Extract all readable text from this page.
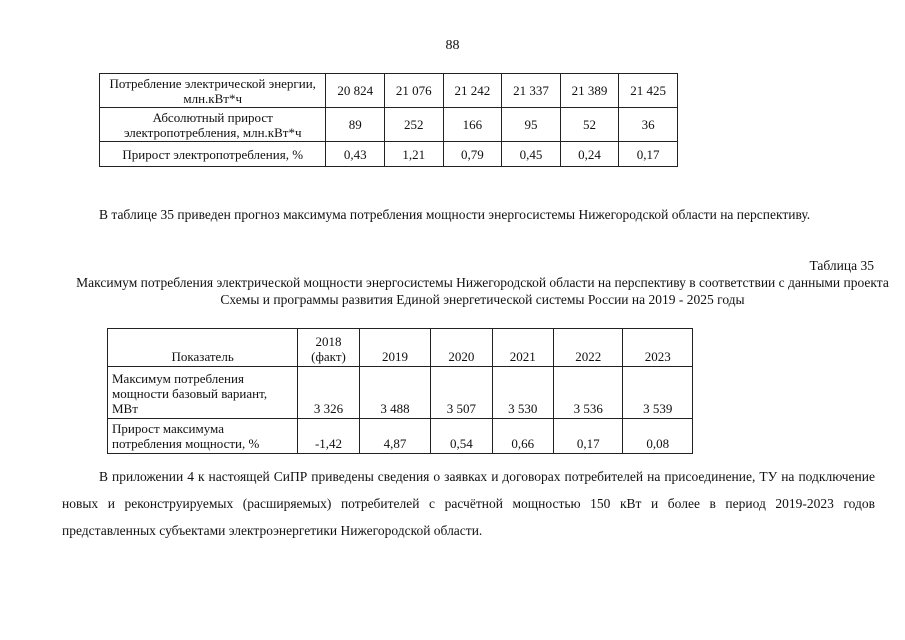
88
Потребление электрической энергии, млн.кВт*ч	20 824	21 076	21 242	21 337	21 389	21 425
Абсолютный прирост электропотребления, млн.кВт*ч	89	252	166	95	52	36
Прирост электропотребления, %	0,43	1,21	0,79	0,45	0,24	0,17
В таблице 35 приведен прогноз максимума потребления мощности энергосистемы Нижегородской области на перспективу.
Таблица 35
Максимум потребления электрической мощности энергосистемы Нижегородской области на перспективу в соответствии с данными проекта Схемы и программы развития Единой энергетической системы России на 2019 - 2025 годы
Показатель	2018 (факт)	2019	2020	2021	2022	2023
Максимум потребления мощности базовый вариант, МВт	3 326	3 488	3 507	3 530	3 536	3 539
Прирост максимума потребления мощности, %	-1,42	4,87	0,54	0,66	0,17	0,08
В приложении 4 к настоящей СиПР приведены сведения о заявках и договорах потребителей на присоединение, ТУ на подключение новых и реконструируемых (расширяемых) потребителей с расчётной мощностью 150 кВт и более в период 2019-2023 годов представленных субъектами электроэнергетики Нижегородской области.
